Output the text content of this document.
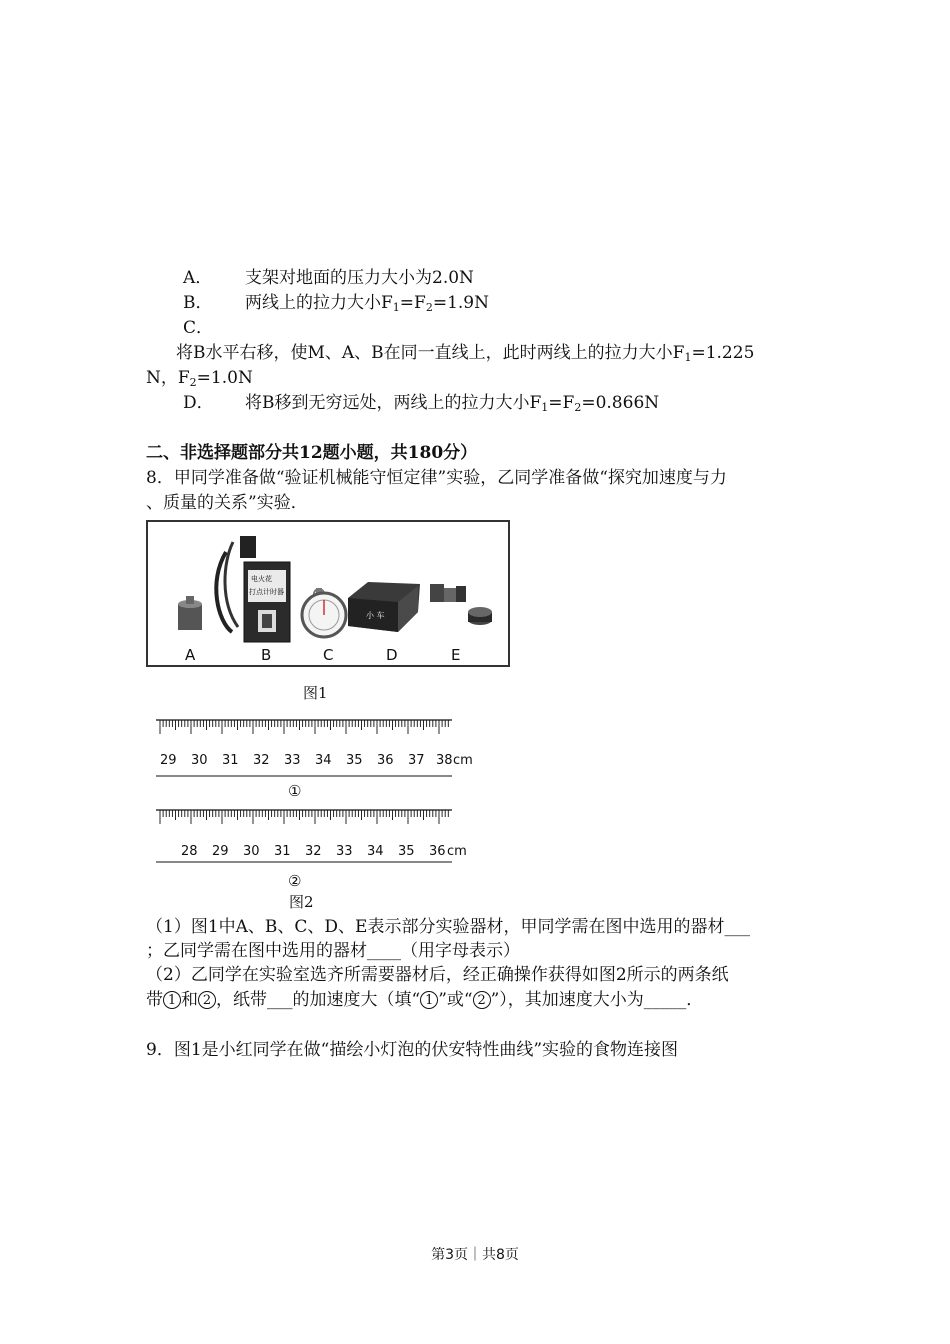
A． 支架对地面的压力大小为2.0N
B． 两线上的拉力大小$F_1=F_2=1.9N$
C．
将B水平右移，使M、A、B在同一直线上，此时两线上的拉力大小$F_1=1.225$
N，$F_2=1.0N$
D． 将B移到无穷远处，两线上的拉力大小$F_1=F_2=0.866N$
二、非选择题部分共12题小题，共180分）
8．甲同学准备做“验证机械能守恒定律”实验，乙同学准备做“探究加速度与力
、质量的关系”实验．
电火花
打点计时器
小 车
A	B	C	D	E
图1
29 30 31 32 33 34 35 36 37 38 cm
①
28 29 30 31 32 33 34 35 36 cm
②
图2
（1）图1中A、B、C、D、E表示部分实验器材，甲同学需在图中选用的器材___
；乙同学需在图中选用的器材____（用字母表示）
（2）乙同学在实验室选齐所需要器材后，经正确操作获得如图2所示的两条纸
带 1 和 2 ，纸带___的加速度大（填“ 1 ”或“ 2 ”），其加速度大小为_____．
9．图1是小红同学在做“描绘小灯泡的伏安特性曲线”实验的食物连接图
第3页｜共8页
